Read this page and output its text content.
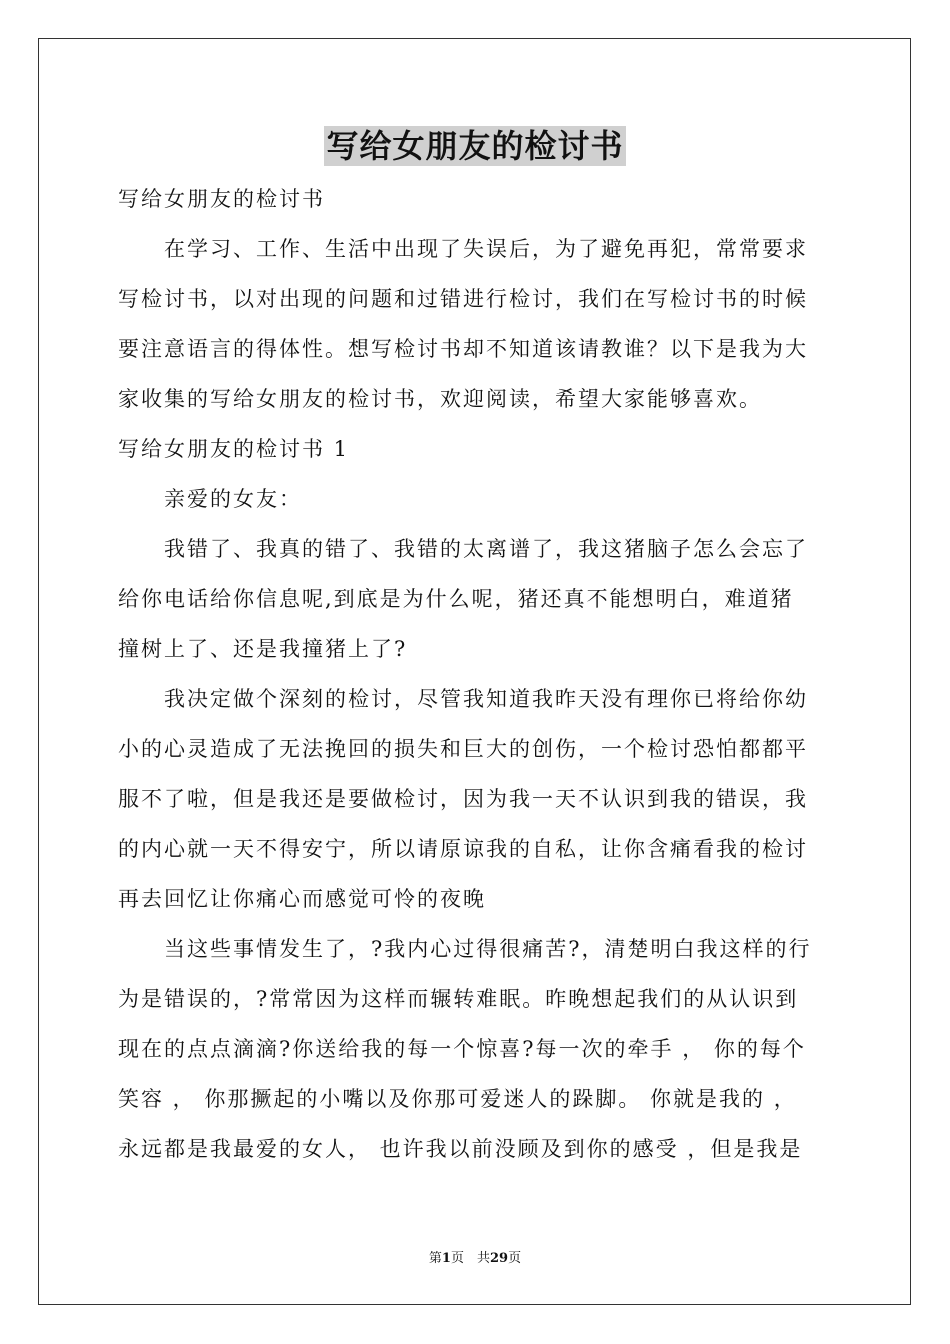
写给女朋友的检讨书
写给女朋友的检讨书
在学习、工作、生活中出现了失误后，为了避免再犯，常常要求
写检讨书，以对出现的问题和过错进行检讨，我们在写检讨书的时候
要注意语言的得体性。想写检讨书却不知道该请教谁？以下是我为大
家收集的写给女朋友的检讨书，欢迎阅读，希望大家能够喜欢。
写给女朋友的检讨书 1
亲爱的女友：
我错了、我真的错了、我错的太离谱了，我这猪脑子怎么会忘了
给你电话给你信息呢,到底是为什么呢，猪还真不能想明白，难道猪
撞树上了、还是我撞猪上了?
我决定做个深刻的检讨，尽管我知道我昨天没有理你已将给你幼
小的心灵造成了无法挽回的损失和巨大的创伤，一个检讨恐怕都都平
服不了啦，但是我还是要做检讨，因为我一天不认识到我的错误，我
的内心就一天不得安宁，所以请原谅我的自私，让你含痛看我的检讨
再去回忆让你痛心而感觉可怜的夜晚
当这些事情发生了，?我内心过得很痛苦?，清楚明白我这样的行
为是错误的，?常常因为这样而辗转难眠。昨晚想起我们的从认识到
现在的点点滴滴?你送给我的每一个惊喜?每一次的牵手 ， 你的每个
笑容 ， 你那撅起的小嘴以及你那可爱迷人的跺脚。 你就是我的 ，
永远都是我最爱的女人， 也许我以前没顾及到你的感受 ，但是我是
第1页　共29页
